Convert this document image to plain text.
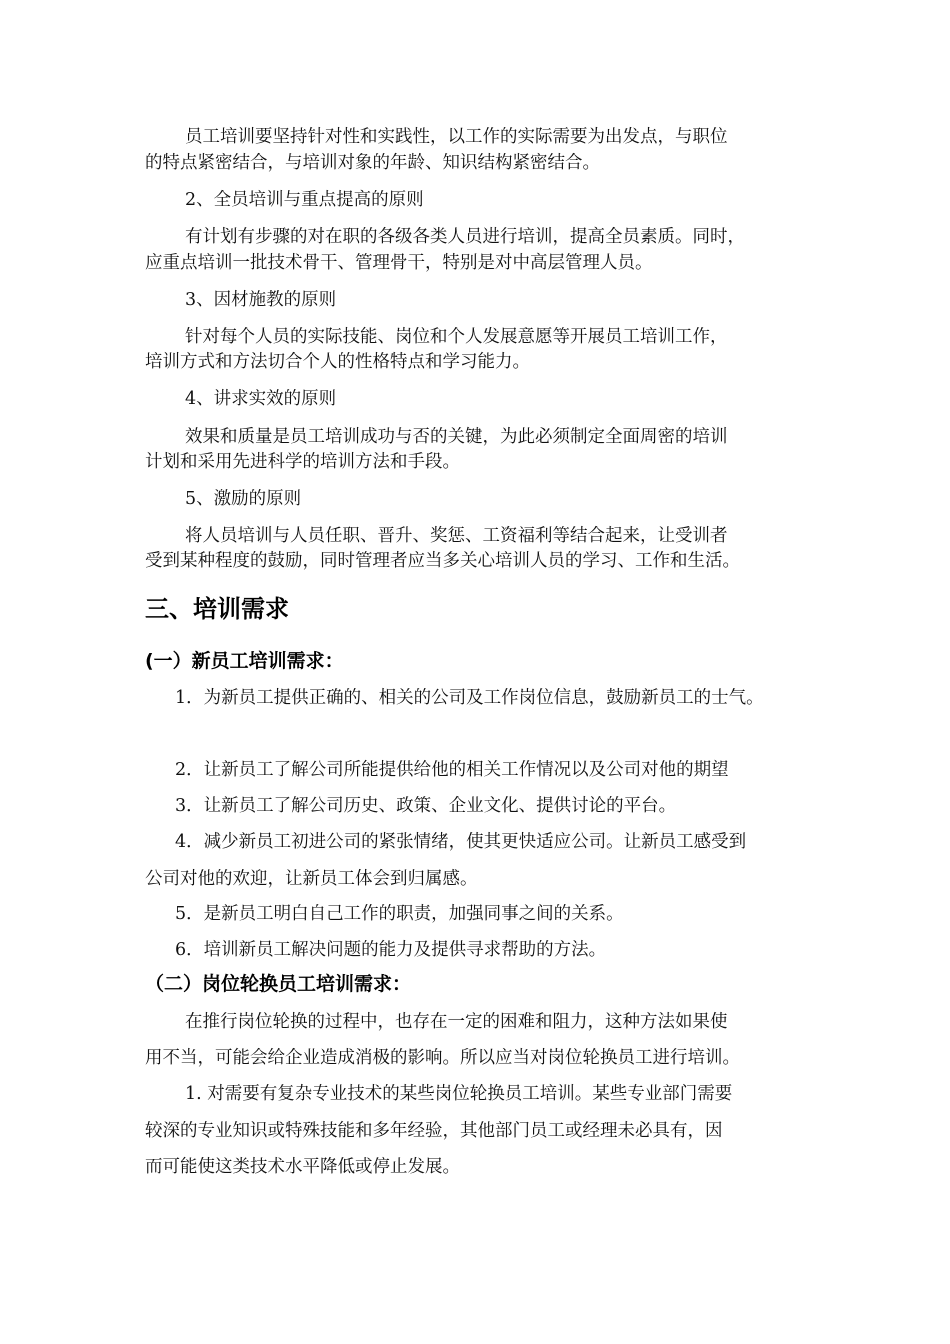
员工培训要坚持针对性和实践性，以工作的实际需要为出发点，与职位
的特点紧密结合，与培训对象的年龄、知识结构紧密结合。
2、全员培训与重点提高的原则
有计划有步骤的对在职的各级各类人员进行培训，提高全员素质。同时，
应重点培训一批技术骨干、管理骨干，特别是对中高层管理人员。
3、因材施教的原则
针对每个人员的实际技能、岗位和个人发展意愿等开展员工培训工作，
培训方式和方法切合个人的性格特点和学习能力。
4、讲求实效的原则
效果和质量是员工培训成功与否的关键，为此必须制定全面周密的培训
计划和采用先进科学的培训方法和手段。
5、激励的原则
将人员培训与人员任职、晋升、奖惩、工资福利等结合起来，让受训者
受到某种程度的鼓励，同时管理者应当多关心培训人员的学习、工作和生活。
三、培训需求
(一）新员工培训需求：
1．为新员工提供正确的、相关的公司及工作岗位信息，鼓励新员工的士气。
2．让新员工了解公司所能提供给他的相关工作情况以及公司对他的期望
3．让新员工了解公司历史、政策、企业文化、提供讨论的平台。
4．减少新员工初进公司的紧张情绪，使其更快适应公司。让新员工感受到
公司对他的欢迎，让新员工体会到归属感。
5．是新员工明白自己工作的职责，加强同事之间的关系。
6．培训新员工解决问题的能力及提供寻求帮助的方法。
（二）岗位轮换员工培训需求：
在推行岗位轮换的过程中，也存在一定的困难和阻力，这种方法如果使
用不当，可能会给企业造成消极的影响。所以应当对岗位轮换员工进行培训。
1. 对需要有复杂专业技术的某些岗位轮换员工培训。某些专业部门需要
较深的专业知识或特殊技能和多年经验，其他部门员工或经理未必具有，因
而可能使这类技术水平降低或停止发展。
